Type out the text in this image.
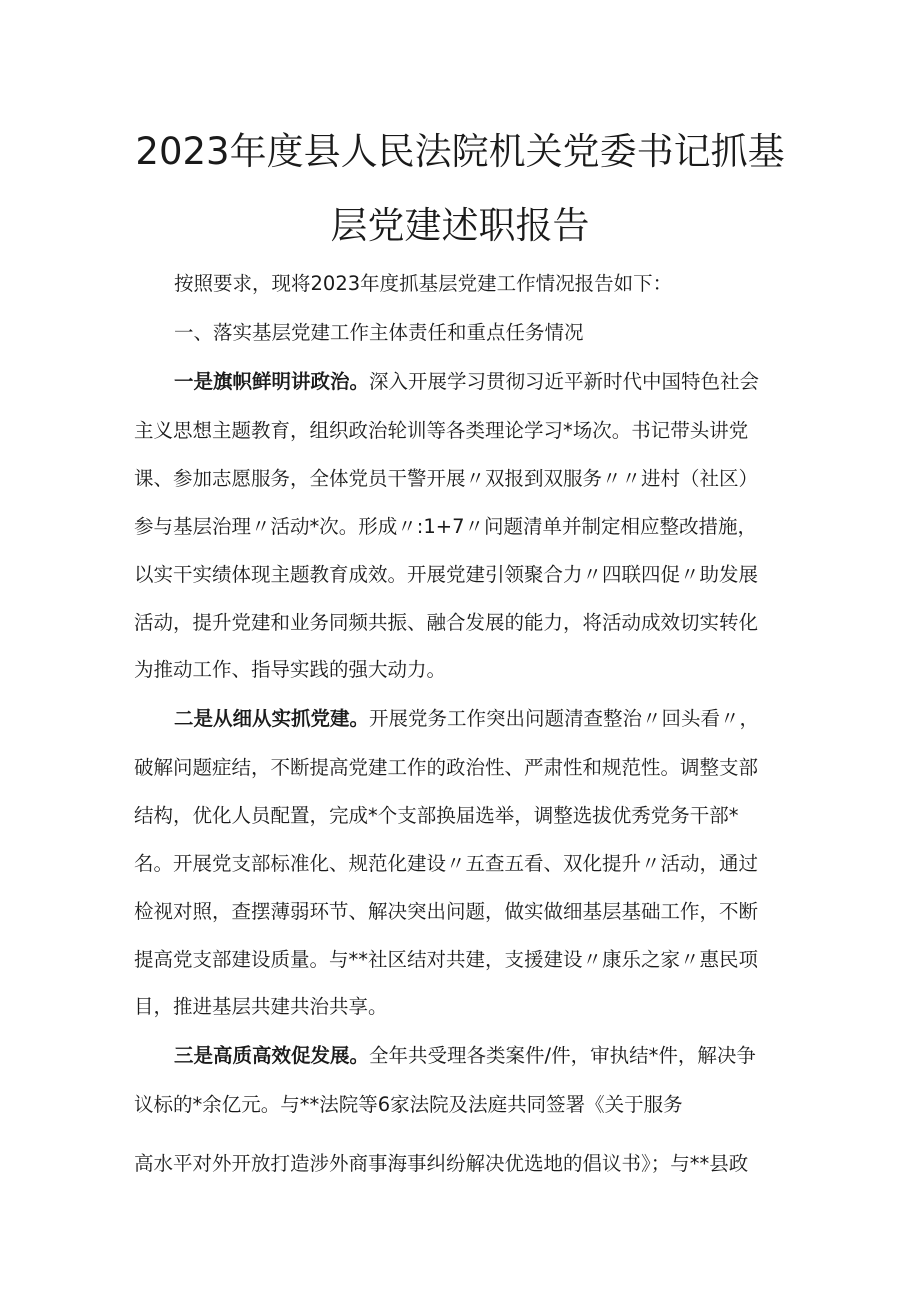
2023年度县人民法院机关党委书记抓基
层党建述职报告

按照要求，现将2023年度抓基层党建工作情况报告如下：

一、落实基层党建工作主体责任和重点任务情况

一是旗帜鲜明讲政治。深入开展学习贯彻习近平新时代中国特色社会

主义思想主题教育，组织政治轮训等各类理论学习*场次。书记带头讲党

课、参加志愿服务，全体党员干警开展〃双报到双服务〃〃进村（社区）

参与基层治理〃活动*次。形成〃:1+7〃问题清单并制定相应整改措施，

以实干实绩体现主题教育成效。开展党建引领聚合力〃四联四促〃助发展

活动，提升党建和业务同频共振、融合发展的能力，将活动成效切实转化

为推动工作、指导实践的强大动力。

二是从细从实抓党建。开展党务工作突出问题清查整治〃回头看〃，

破解问题症结，不断提高党建工作的政治性、严肃性和规范性。调整支部

结构，优化人员配置，完成*个支部换届选举，调整选拔优秀党务干部*

名。开展党支部标准化、规范化建设〃五查五看、双化提升〃活动，通过

检视对照，查摆薄弱环节、解决突出问题，做实做细基层基础工作，不断

提高党支部建设质量。与**社区结对共建，支援建设〃康乐之家〃惠民项

目，推进基层共建共治共享。

三是高质高效促发展。全年共受理各类案件/件，审执结*件，解决争

议标的*余亿元。与**法院等6家法院及法庭共同签署《关于服务

高水平对外开放打造涉外商事海事纠纷解决优选地的倡议书》；与**县政
